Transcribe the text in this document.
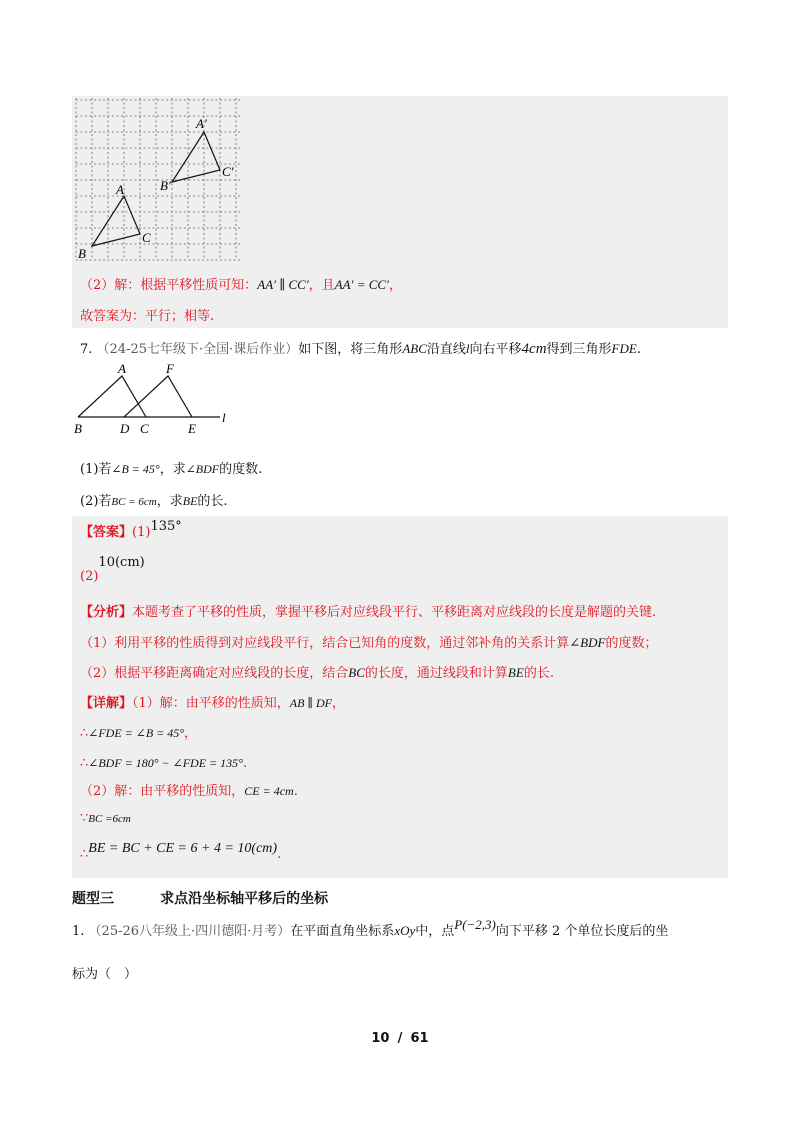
A
B
C
A′
B′
C′
（2）解：根据平移性质可知：AA′ ∥ CC′，且AA′ = CC′，
故答案为：平行；相等.
7. （24-25七年级下·全国·课后作业）如下图，将三角形ABC沿直线l向右平移4cm得到三角形FDE.
A	F
B	D C	E
l
(1)若∠B = 45°，求∠BDF的度数.
(2)若BC = 6cm，求BE的长.
【答案】(1)135°
(2)10(cm)
【分析】本题考查了平移的性质，掌握平移后对应线段平行、平移距离对应线段的长度是解题的关键.
（1）利用平移的性质得到对应线段平行，结合已知角的度数，通过邻补角的关系计算∠BDF的度数；
（2）根据平移距离确定对应线段的长度，结合BC的长度，通过线段和计算BE的长.
【详解】（1）解：由平移的性质知，AB ∥ DF，
∴∠FDE = ∠B = 45°，
∴∠BDF = 180° − ∠FDE = 135°.
（2）解：由平移的性质知，CE = 4cm.
∵BC =6cm
∴BE = BC + CE = 6 + 4 = 10(cm).
题型三	求点沿坐标轴平移后的坐标
1. （25-26八年级上·四川德阳·月考）在平面直角坐标系xOy中，点P(−2,3)向下平移 2 个单位长度后的坐
标为（　）
10 / 61
